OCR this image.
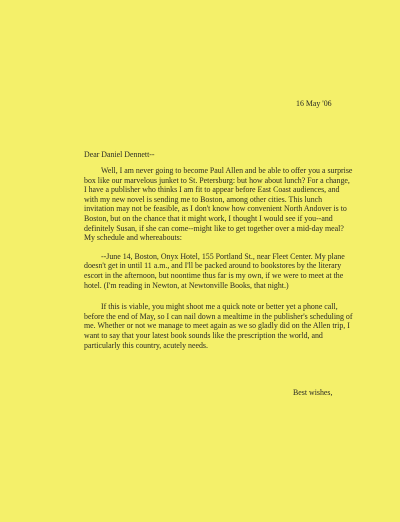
16 May '06
Dear Daniel Dennett--

Well, I am never going to become Paul Allen and be able to offer you a surprise box like our marvelous junket to St. Petersburg: but how about lunch? For a change, I have a publisher who thinks I am fit to appear before East Coast audiences, and with my new novel is sending me to Boston, among other cities. This lunch invitation may not be feasible, as I don't know how convenient North Andover is to Boston, but on the chance that it might work, I thought I would see if you--and definitely Susan, if she can come--might like to get together over a mid-day meal? My schedule and whereabouts:

--June 14, Boston, Onyx Hotel, 155 Portland St., near Fleet Center. My plane doesn't get in until 11 a.m., and I'll be packed around to bookstores by the literary escort in the afternoon, but noontime thus far is my own, if we were to meet at the hotel. (I'm reading in Newton, at Newtonville Books, that night.)

If this is viable, you might shoot me a quick note or better yet a phone call, before the end of May, so I can nail down a mealtime in the publisher's scheduling of me. Whether or not we manage to meet again as we so gladly did on the Allen trip, I want to say that your latest book sounds like the prescription the world, and particularly this country, acutely needs.

Best wishes,
